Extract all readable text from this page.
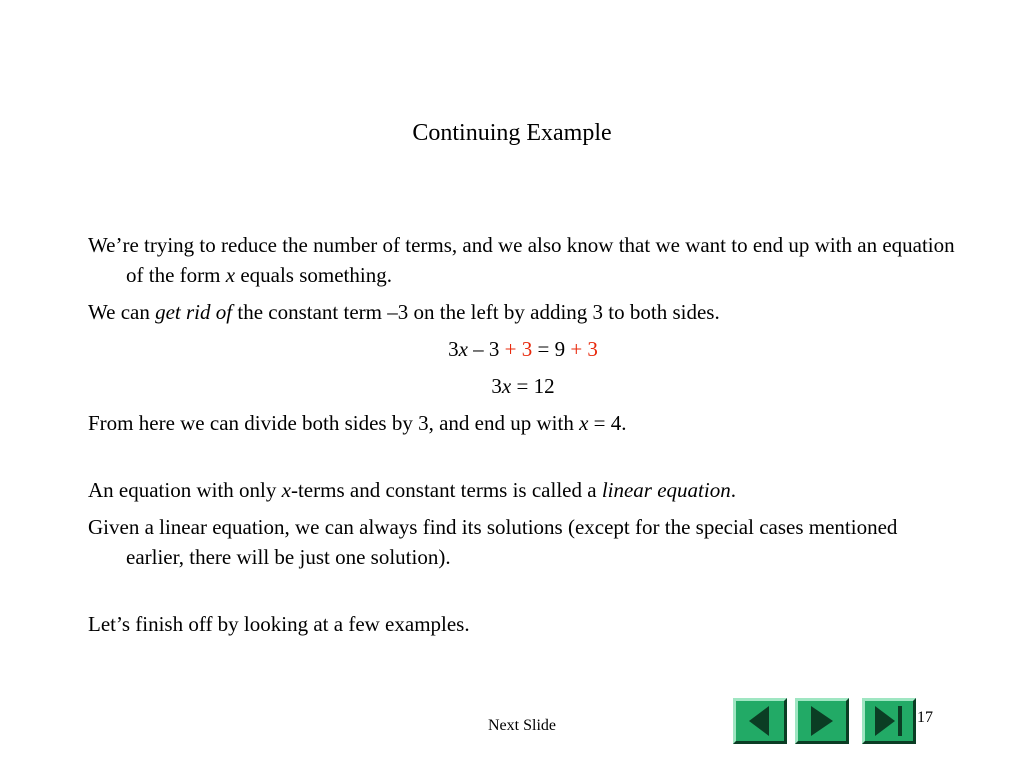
Continuing Example

We’re trying to reduce the number of terms, and we also know that we want to end up with an equation of the form x equals something.

We can get rid of the constant term –3 on the left by adding 3 to both sides.

3x – 3 + 3 = 9 + 3

3x = 12

From here we can divide both sides by 3, and end up with x = 4.

An equation with only x-terms and constant terms is called a linear equation.

Given a linear equation, we can always find its solutions (except for the special cases mentioned earlier, there will be just one solution).

Let’s finish off by looking at a few examples.

Next Slide	17
